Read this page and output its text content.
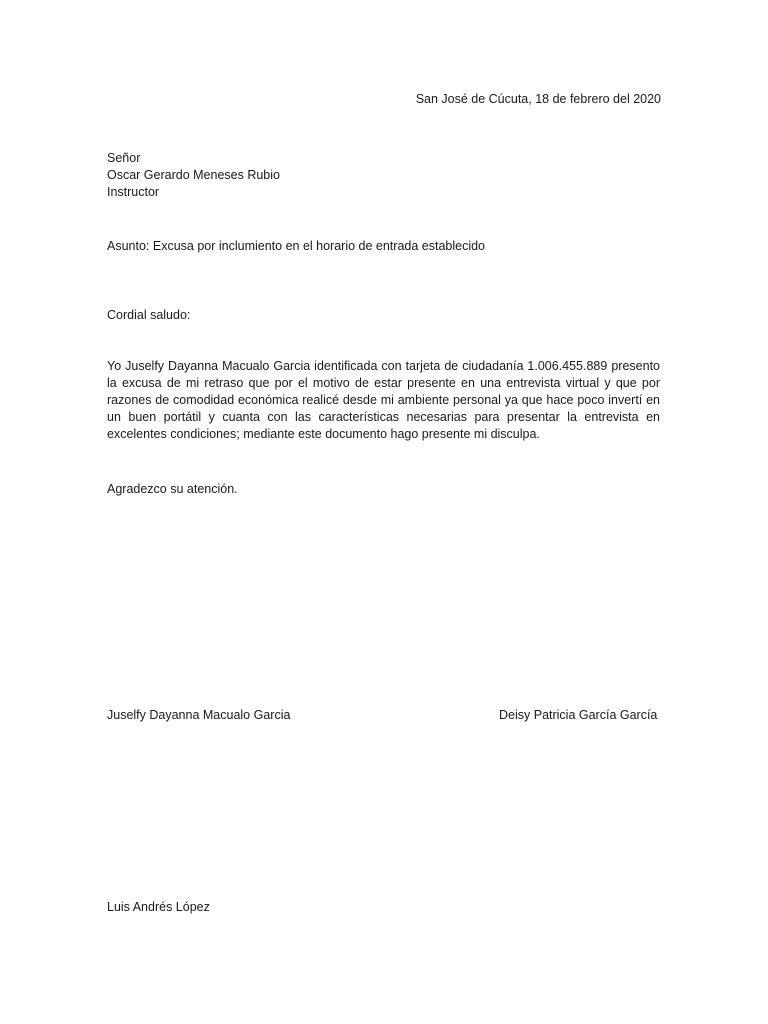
San José de Cúcuta, 18 de febrero del 2020
Señor
Oscar Gerardo Meneses Rubio
Instructor
Asunto: Excusa por inclumiento en el horario de entrada establecido
Cordial saludo:

Yo Juselfy Dayanna Macualo Garcia identificada con tarjeta de ciudadanía 1.006.455.889 presento la excusa de mi retraso que por el motivo de estar presente en una entrevista virtual y que por razones de comodidad económica realicé desde mi ambiente personal ya que hace poco invertí en un buen portátil y cuanta con las características necesarias para presentar la entrevista en excelentes condiciones; mediante este documento hago presente mi disculpa.

Agradezco su atención.
Juselfy Dayanna Macualo Garcia	Deisy Patricia García García
Luis Andrés López
